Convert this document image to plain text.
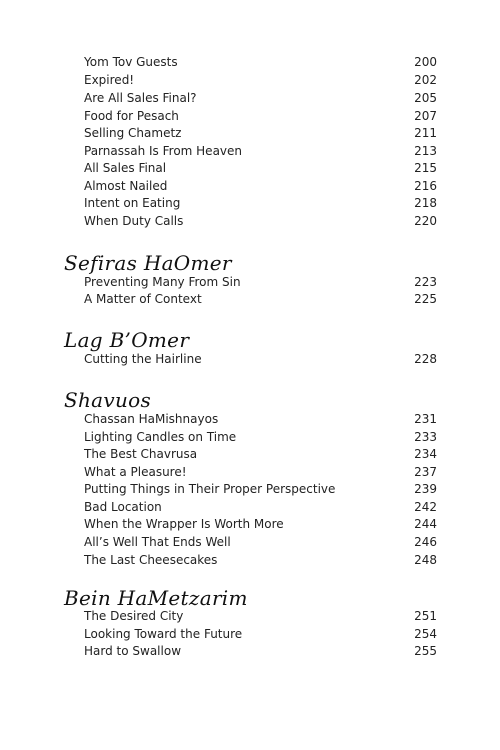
Yom Tov Guests	200
Expired!	202
Are All Sales Final?	205
Food for Pesach	207
Selling Chametz	211
Parnassah Is From Heaven	213
All Sales Final	215
Almost Nailed	216
Intent on Eating	218
When Duty Calls	220
Sefiras HaOmer
Preventing Many From Sin	223
A Matter of Context	225
Lag B’Omer
Cutting the Hairline	228
Shavuos
Chassan HaMishnayos	231
Lighting Candles on Time	233
The Best Chavrusa	234
What a Pleasure!	237
Putting Things in Their Proper Perspective	239
Bad Location	242
When the Wrapper Is Worth More	244
All’s Well That Ends Well	246
The Last Cheesecakes	248
Bein HaMetzarim
The Desired City	251
Looking Toward the Future	254
Hard to Swallow	255
